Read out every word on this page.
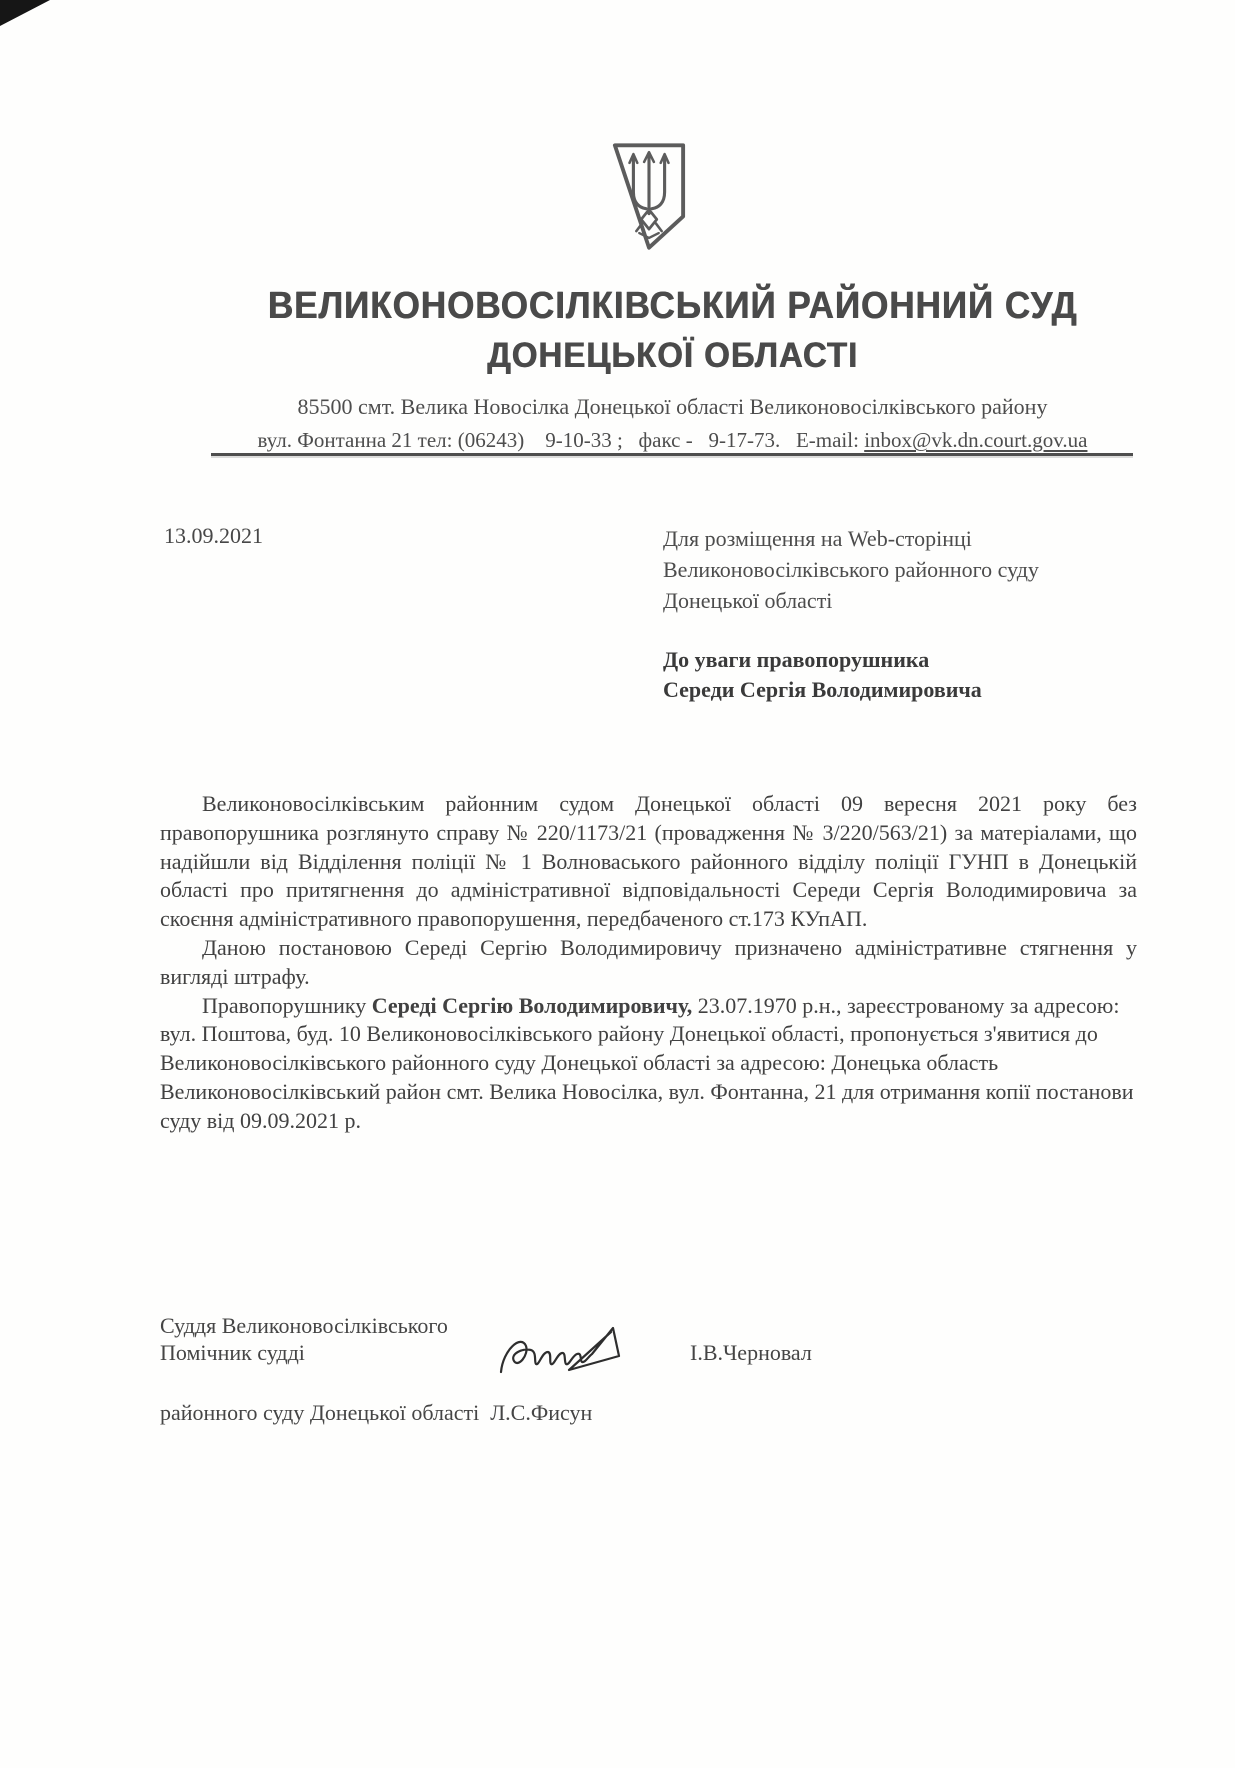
ВЕЛИКОНОВОСІЛКІВСЬКИЙ РАЙОННИЙ СУД
ДОНЕЦЬКОЇ ОБЛАСТІ
85500 смт. Велика Новосілка Донецької області Великоновосілківського району
вул. Фонтанна 21 тел: (06243)    9-10-33 ;   факс -   9-17-73.   E-mail: inbox@vk.dn.court.gov.ua
13.09.2021	Для розміщення на Web-сторінці
Великоновосілківського районного суду
Донецької області
До уваги правопорушника
Середи Сергія Володимировича

Великоновосілківським районним судом Донецької області 09 вересня 2021 року без правопорушника розглянуто справу № 220/1173/21 (провадження № 3/220/563/21) за матеріалами, що надійшли від Відділення поліції № 1 Волноваського районного відділу поліції ГУНП в Донецькій області про притягнення до адміністративної відповідальності Середи Сергія Володимировича за скоєння адміністративного правопорушення, передбаченого ст.173 КУпАП.

Даною постановою Середі Сергію Володимировичу призначено адміністративне стягнення у вигляді штрафу.

Правопорушнику Середі Сергію Володимировичу, 23.07.1970 р.н., зареєстрованому за адресою: вул. Поштова, буд. 10 Великоновосілківського району Донецької області, пропонується з'явитися до Великоновосілківського районного суду Донецької області за адресою: Донецька область Великоновосілківський район смт. Велика Новосілка, вул. Фонтанна, 21 для отримання копії постанови суду від 09.09.2021 р.

Суддя Великоновосілківського

районного суду Донецької області  Л.С.Фисун

Помічник судді	І.В.Черновал
